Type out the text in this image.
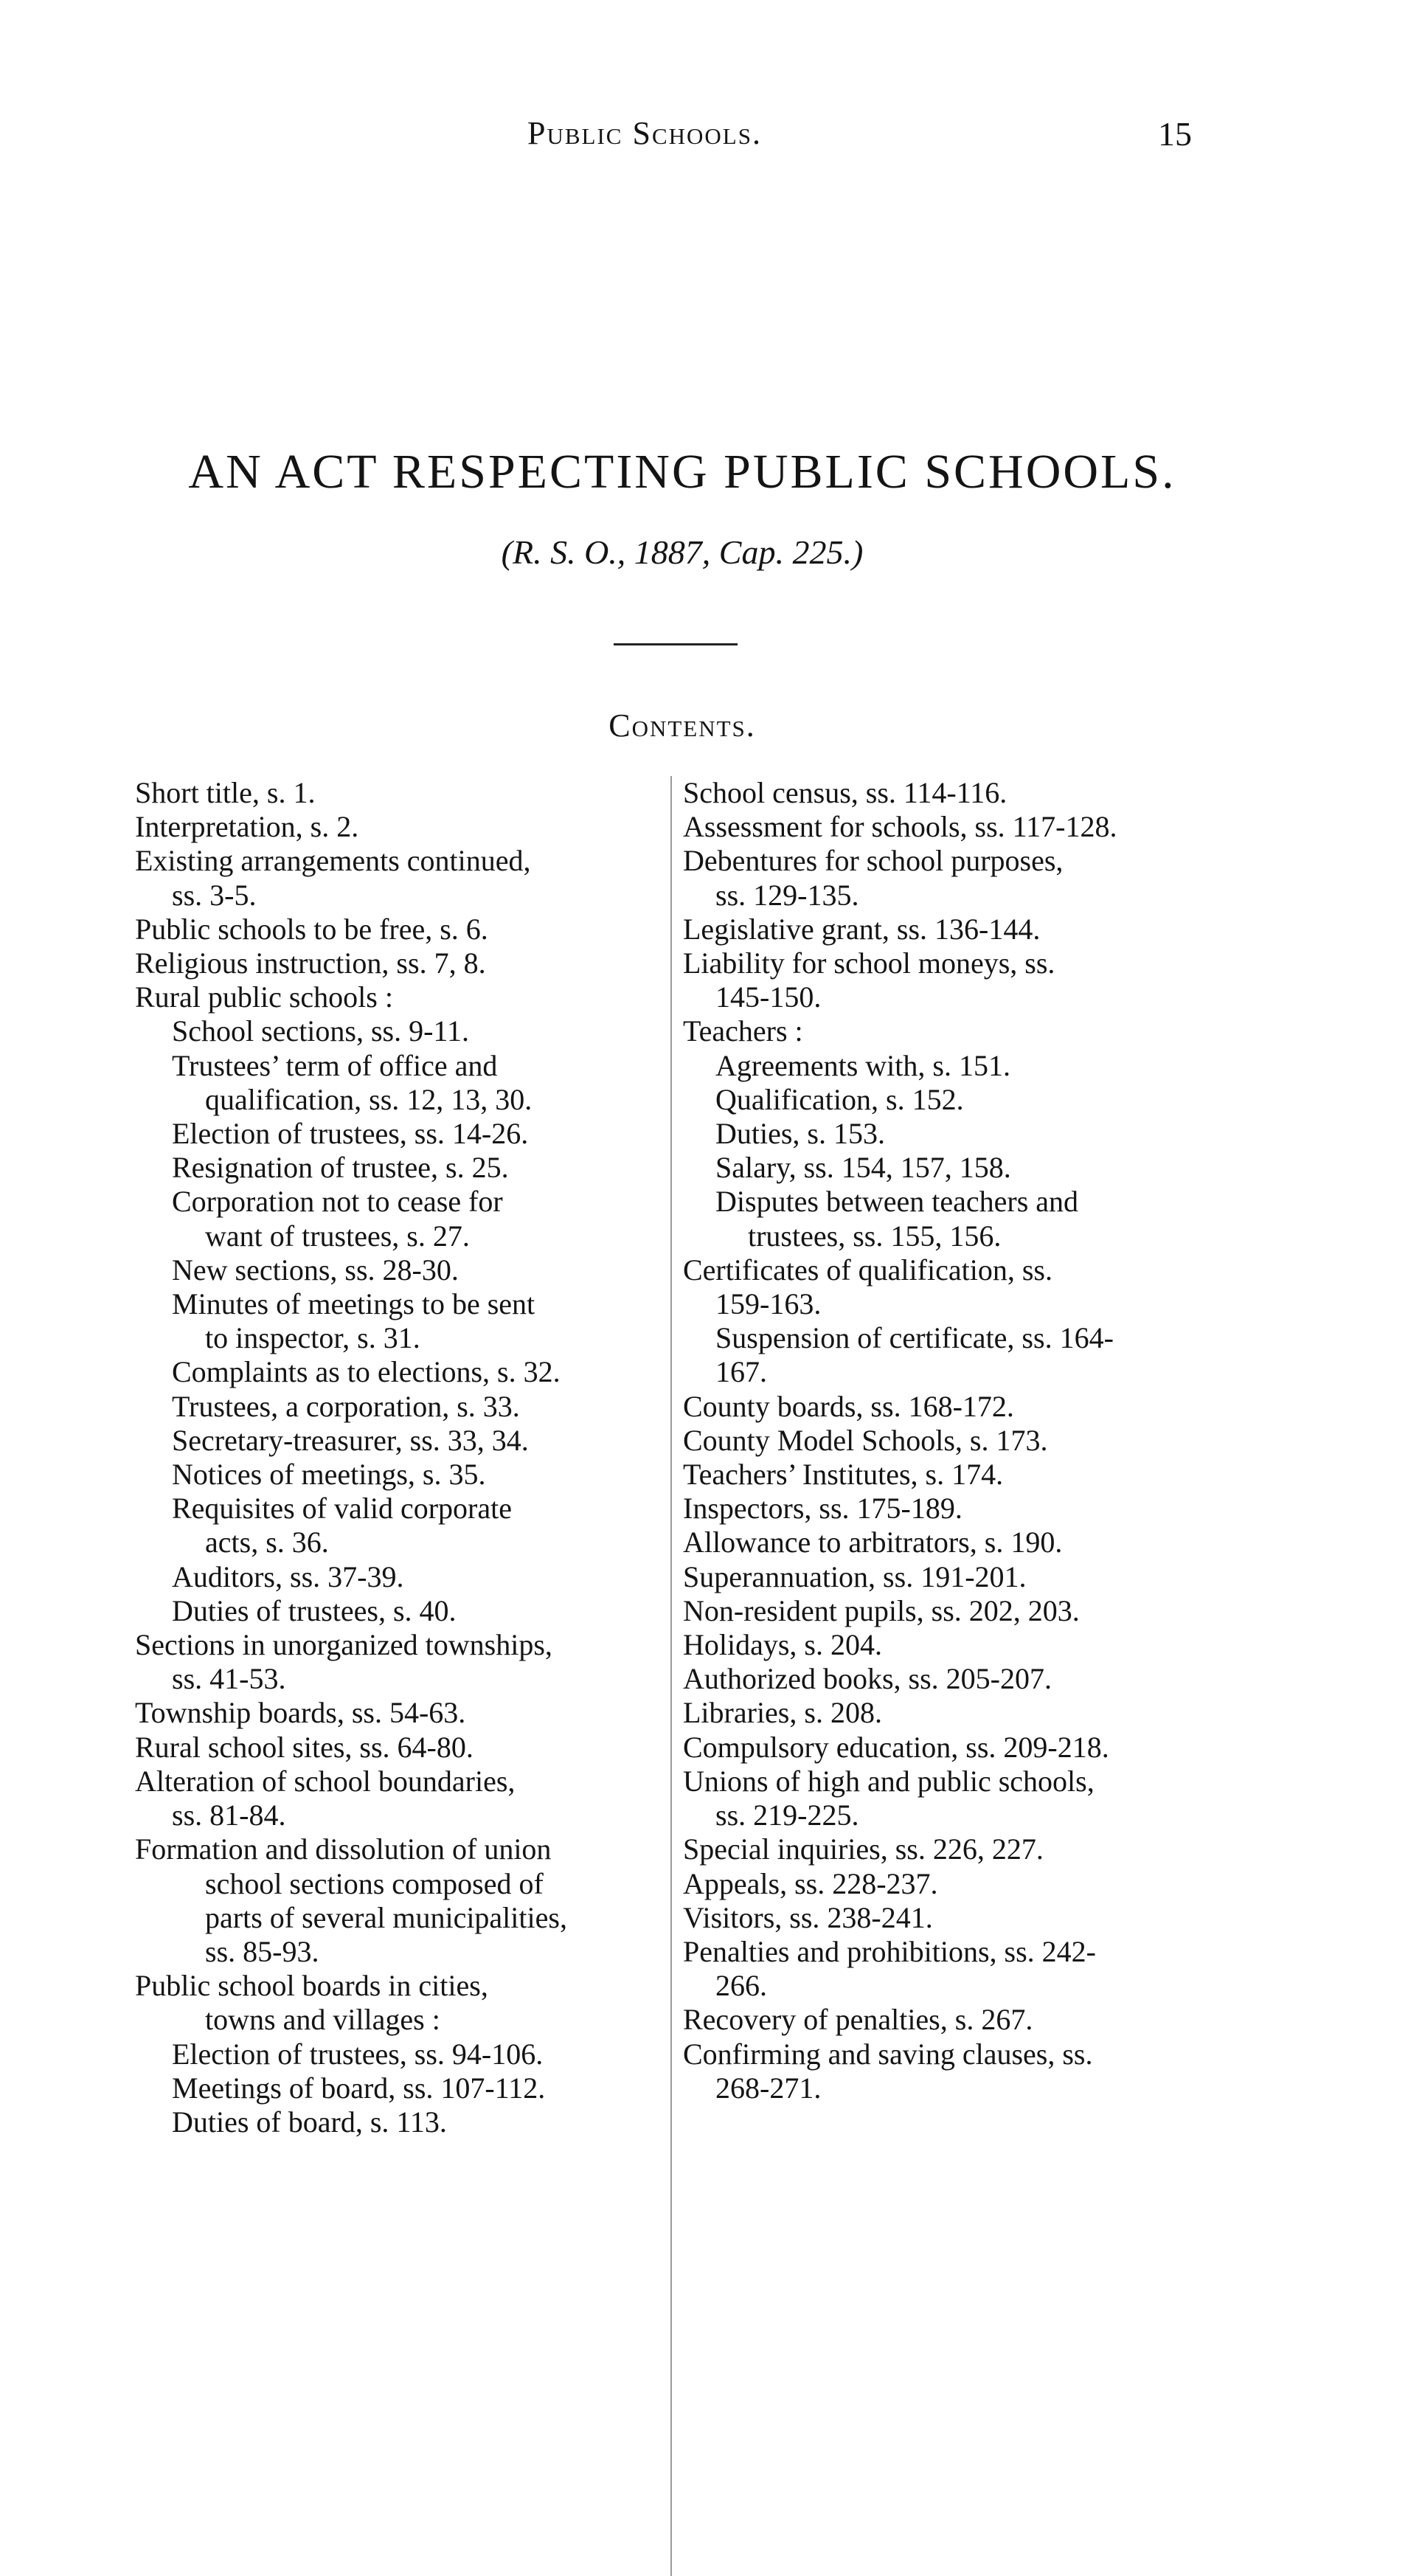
Public Schools.	15
AN ACT RESPECTING PUBLIC SCHOOLS.
(R. S. O., 1887, Cap. 225.)
Contents.
Short title, s. 1.
Interpretation, s. 2.
Existing arrangements continued,
ss. 3-5.
Public schools to be free, s. 6.
Religious instruction, ss. 7, 8.
Rural public schools :
School sections, ss. 9-11.
Trustees’ term of office and
qualification, ss. 12, 13, 30.
Election of trustees, ss. 14-26.
Resignation of trustee, s. 25.
Corporation not to cease for
want of trustees, s. 27.
New sections, ss. 28-30.
Minutes of meetings to be sent
to inspector, s. 31.
Complaints as to elections, s. 32.
Trustees, a corporation, s. 33.
Secretary-treasurer, ss. 33, 34.
Notices of meetings, s. 35.
Requisites of valid corporate
acts, s. 36.
Auditors, ss. 37-39.
Duties of trustees, s. 40.
Sections in unorganized townships,
ss. 41-53.
Township boards, ss. 54-63.
Rural school sites, ss. 64-80.
Alteration of school boundaries,
ss. 81-84.
Formation and dissolution of union
school sections composed of
parts of several municipalities,
ss. 85-93.
Public school boards in cities,
towns and villages :
Election of trustees, ss. 94-106.
Meetings of board, ss. 107-112.
Duties of board, s. 113.
School census, ss. 114-116.
Assessment for schools, ss. 117-128.
Debentures for school purposes,
ss. 129-135.
Legislative grant, ss. 136-144.
Liability for school moneys, ss.
145-150.
Teachers :
Agreements with, s. 151.
Qualification, s. 152.
Duties, s. 153.
Salary, ss. 154, 157, 158.
Disputes between teachers and
trustees, ss. 155, 156.
Certificates of qualification, ss.
159-163.
Suspension of certificate, ss. 164-
167.
County boards, ss. 168-172.
County Model Schools, s. 173.
Teachers’ Institutes, s. 174.
Inspectors, ss. 175-189.
Allowance to arbitrators, s. 190.
Superannuation, ss. 191-201.
Non-resident pupils, ss. 202, 203.
Holidays, s. 204.
Authorized books, ss. 205-207.
Libraries, s. 208.
Compulsory education, ss. 209-218.
Unions of high and public schools,
ss. 219-225.
Special inquiries, ss. 226, 227.
Appeals, ss. 228-237.
Visitors, ss. 238-241.
Penalties and prohibitions, ss. 242-
266.
Recovery of penalties, s. 267.
Confirming and saving clauses, ss.
268-271.
